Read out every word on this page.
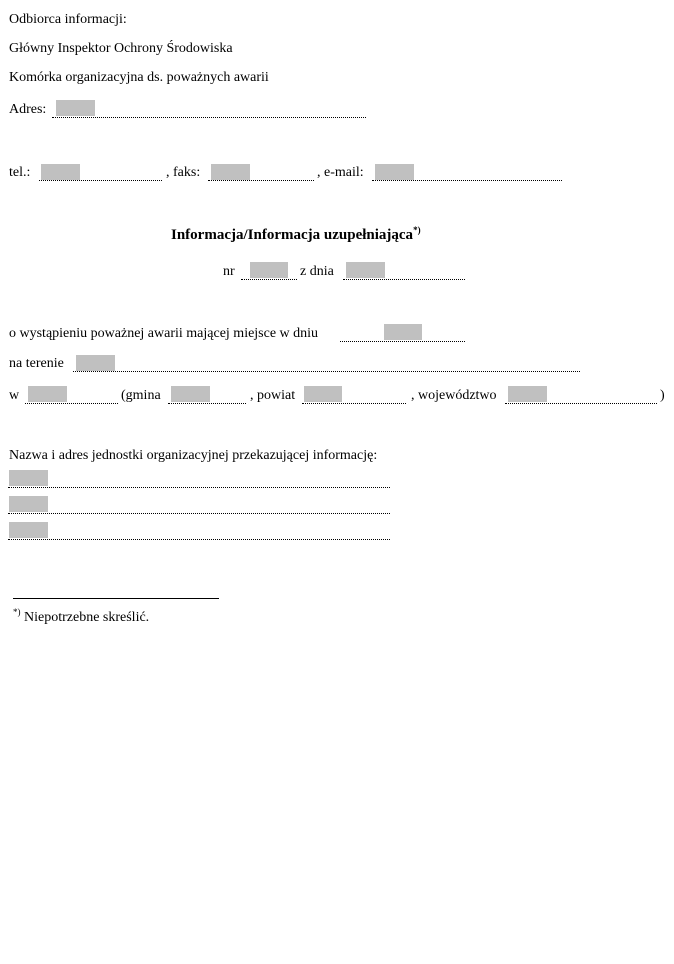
Odbiorca informacji:
Główny Inspektor Ochrony Środowiska
Komórka organizacyjna ds. poważnych awarii
Adres:
tel.:	, faks:	, e-mail:
Informacja/Informacja uzupełniająca*)
nr	z dnia
o wystąpieniu poważnej awarii mającej miejsce w dniu
na terenie
w	(gmina	, powiat	, województwo	)
Nazwa i adres jednostki organizacyjnej przekazującej informację:
*) Niepotrzebne skreślić.
